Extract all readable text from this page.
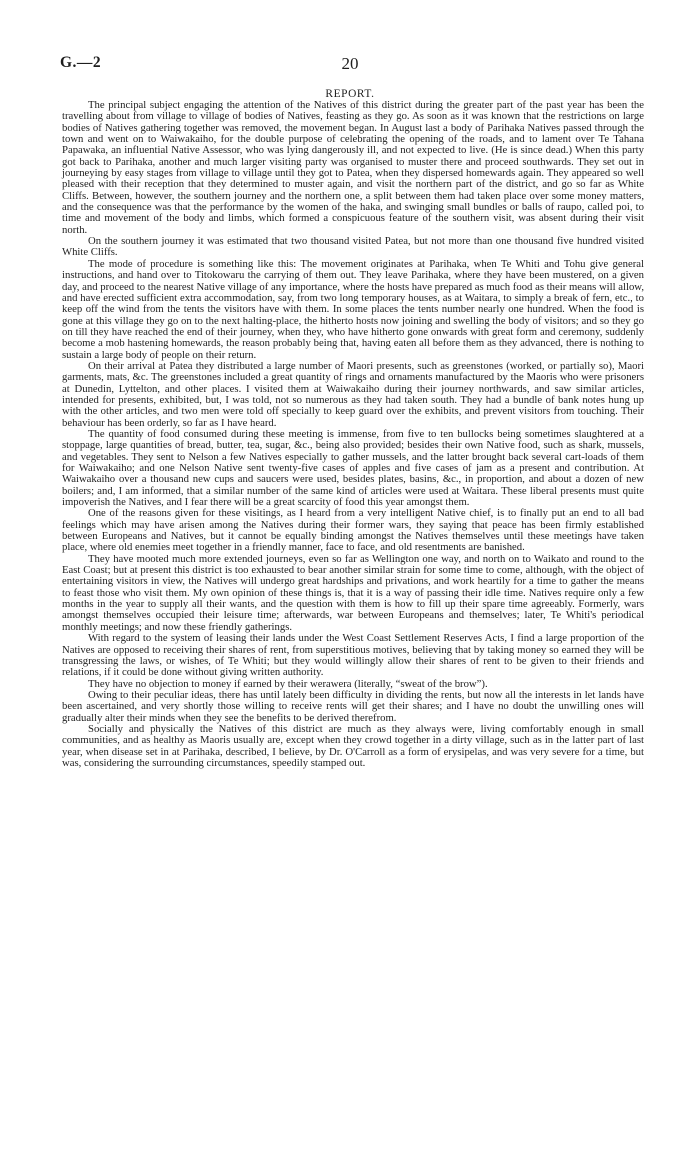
G.—2	20
REPORT.

The principal subject engaging the attention of the Natives of this district during the greater part of the past year has been the travelling about from village to village of bodies of Natives, feasting as they go. As soon as it was known that the restrictions on large bodies of Natives gathering together was removed, the movement began. In August last a body of Parihaka Natives passed through the town and went on to Waiwakaiho, for the double purpose of celebrating the opening of the roads, and to lament over Te Tahana Papawaka, an influential Native Assessor, who was lying dangerously ill, and not expected to live. (He is since dead.) When this party got back to Parihaka, another and much larger visiting party was organised to muster there and proceed southwards. They set out in journeying by easy stages from village to village until they got to Patea, when they dispersed homewards again. They appeared so well pleased with their reception that they determined to muster again, and visit the northern part of the district, and go so far as White Cliffs. Between, however, the southern journey and the northern one, a split between them had taken place over some money matters, and the consequence was that the performance by the women of the haka, and swinging small bundles or balls of raupo, called poi, to time and movement of the body and limbs, which formed a conspicuous feature of the southern visit, was absent during their visit north.

On the southern journey it was estimated that two thousand visited Patea, but not more than one thousand five hundred visited White Cliffs.

The mode of procedure is something like this: The movement originates at Parihaka, when Te Whiti and Tohu give general instructions, and hand over to Titokowaru the carrying of them out. They leave Parihaka, where they have been mustered, on a given day, and proceed to the nearest Native village of any importance, where the hosts have prepared as much food as their means will allow, and have erected sufficient extra accommodation, say, from two long temporary houses, as at Waitara, to simply a break of fern, etc., to keep off the wind from the tents the visitors have with them. In some places the tents number nearly one hundred. When the food is gone at this village they go on to the next halting-place, the hitherto hosts now joining and swelling the body of visitors; and so they go on till they have reached the end of their journey, when they, who have hitherto gone onwards with great form and ceremony, suddenly become a mob hastening homewards, the reason probably being that, having eaten all before them as they advanced, there is nothing to sustain a large body of people on their return.

On their arrival at Patea they distributed a large number of Maori presents, such as greenstones (worked, or partially so), Maori garments, mats, &c. The greenstones included a great quantity of rings and ornaments manufactured by the Maoris who were prisoners at Dunedin, Lyttelton, and other places. I visited them at Waiwakaiho during their journey northwards, and saw similar articles, intended for presents, exhibited, but, I was told, not so numerous as they had taken south. They had a bundle of bank notes hung up with the other articles, and two men were told off specially to keep guard over the exhibits, and prevent visitors from touching. Their behaviour has been orderly, so far as I have heard.

The quantity of food consumed during these meeting is immense, from five to ten bullocks being sometimes slaughtered at a stoppage, large quantities of bread, butter, tea, sugar, &c., being also provided; besides their own Native food, such as shark, mussels, and vegetables. They sent to Nelson a few Natives especially to gather mussels, and the latter brought back several cart-loads of them for Waiwakaiho; and one Nelson Native sent twenty-five cases of apples and five cases of jam as a present and contribution. At Waiwakaiho over a thousand new cups and saucers were used, besides plates, basins, &c., in proportion, and about a dozen of new boilers; and, I am informed, that a similar number of the same kind of articles were used at Waitara. These liberal presents must quite impoverish the Natives, and I fear there will be a great scarcity of food this year amongst them.

One of the reasons given for these visitings, as I heard from a very intelligent Native chief, is to finally put an end to all bad feelings which may have arisen among the Natives during their former wars, they saying that peace has been firmly established between Europeans and Natives, but it cannot be equally binding amongst the Natives themselves until these meetings have taken place, where old enemies meet together in a friendly manner, face to face, and old resentments are banished.

They have mooted much more extended journeys, even so far as Wellington one way, and north on to Waikato and round to the East Coast; but at present this district is too exhausted to bear another similar strain for some time to come, although, with the object of entertaining visitors in view, the Natives will undergo great hardships and privations, and work heartily for a time to gather the means to feast those who visit them. My own opinion of these things is, that it is a way of passing their idle time. Natives require only a few months in the year to supply all their wants, and the question with them is how to fill up their spare time agreeably. Formerly, wars amongst themselves occupied their leisure time; afterwards, war between Europeans and themselves; later, Te Whiti's periodical monthly meetings; and now these friendly gatherings.

With regard to the system of leasing their lands under the West Coast Settlement Reserves Acts, I find a large proportion of the Natives are opposed to receiving their shares of rent, from superstitious motives, believing that by taking money so earned they will be transgressing the laws, or wishes, of Te Whiti; but they would willingly allow their shares of rent to be given to their friends and relations, if it could be done without giving written authority.

They have no objection to money if earned by their werawera (literally, “sweat of the brow”).

Owing to their peculiar ideas, there has until lately been difficulty in dividing the rents, but now all the interests in let lands have been ascertained, and very shortly those willing to receive rents will get their shares; and I have no doubt the unwilling ones will gradually alter their minds when they see the benefits to be derived therefrom.

Socially and physically the Natives of this district are much as they always were, living comfortably enough in small communities, and as healthy as Maoris usually are, except when they crowd together in a dirty village, such as in the latter part of last year, when disease set in at Parihaka, described, I believe, by Dr. O'Carroll as a form of erysipelas, and was very severe for a time, but was, considering the surrounding circumstances, speedily stamped out.
